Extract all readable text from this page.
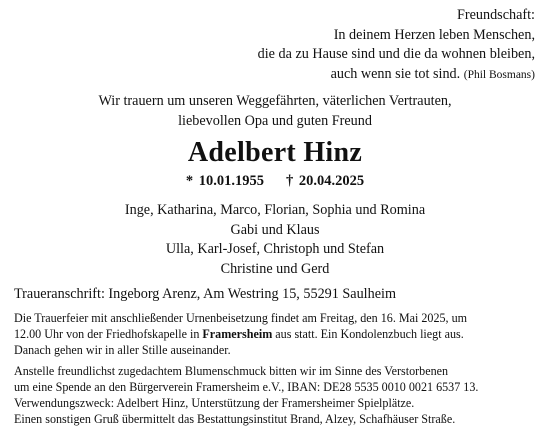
Freundschaft:
In deinem Herzen leben Menschen,
die da zu Hause sind und die da wohnen bleiben,
auch wenn sie tot sind. (Phil Bosmans)
Wir trauern um unseren Weggefährten, väterlichen Vertrauten,
liebevollen Opa und guten Freund
Adelbert Hinz
* 10.01.1955 † 20.04.2025
Inge, Katharina, Marco, Florian, Sophia und Romina
Gabi und Klaus
Ulla, Karl-Josef, Christoph und Stefan
Christine und Gerd
Traueranschrift: Ingeborg Arenz, Am Westring 15, 55291 Saulheim
Die Trauerfeier mit anschließender Urnenbeisetzung findet am Freitag, den 16. Mai 2025, um
12.00 Uhr von der Friedhofskapelle in Framersheim aus statt. Ein Kondolenzbuch liegt aus.
Danach gehen wir in aller Stille auseinander.
Anstelle freundlichst zugedachtem Blumenschmuck bitten wir im Sinne des Verstorbenen
um eine Spende an den Bürgerverein Framersheim e.V., IBAN: DE28 5535 0010 0021 6537 13.
Verwendungszweck: Adelbert Hinz, Unterstützung der Framersheimer Spielplätze.
Einen sonstigen Gruß übermittelt das Bestattungsinstitut Brand, Alzey, Schafhäuser Straße.
